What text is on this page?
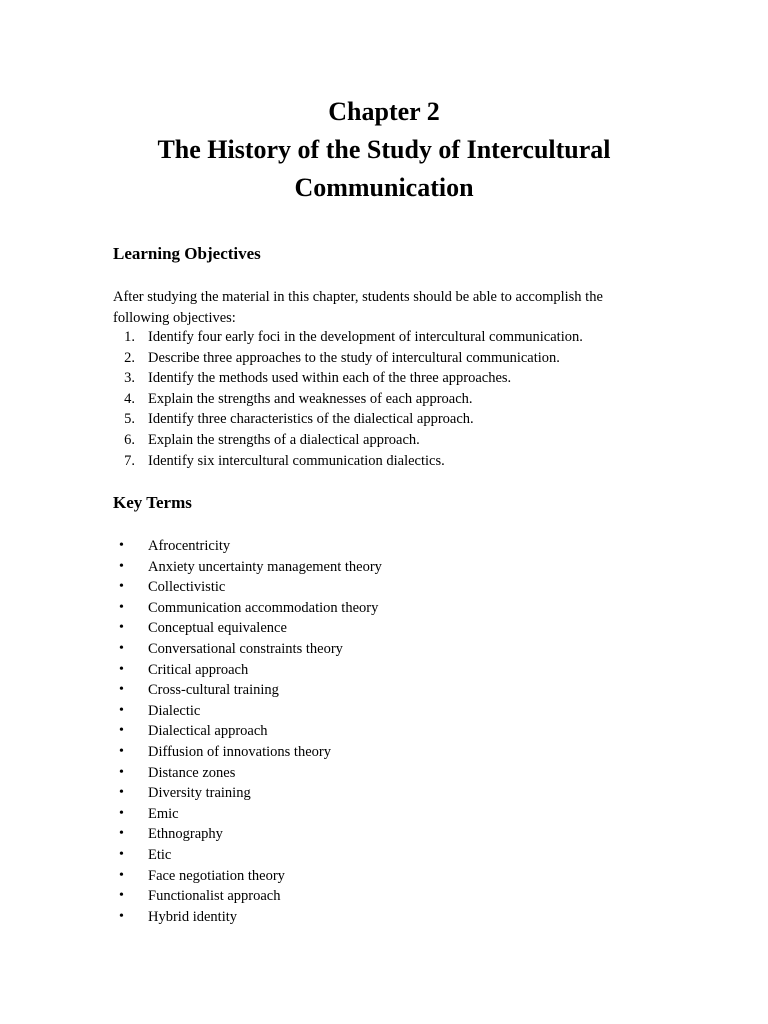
Chapter 2
The History of the Study of Intercultural
Communication
Learning Objectives
After studying the material in this chapter, students should be able to accomplish the following objectives:
1. Identify four early foci in the development of intercultural communication.
2. Describe three approaches to the study of intercultural communication.
3. Identify the methods used within each of the three approaches.
4. Explain the strengths and weaknesses of each approach.
5. Identify three characteristics of the dialectical approach.
6. Explain the strengths of a dialectical approach.
7. Identify six intercultural communication dialectics.
Key Terms
• Afrocentricity
• Anxiety uncertainty management theory
• Collectivistic
• Communication accommodation theory
• Conceptual equivalence
• Conversational constraints theory
• Critical approach
• Cross-cultural training
• Dialectic
• Dialectical approach
• Diffusion of innovations theory
• Distance zones
• Diversity training
• Emic
• Ethnography
• Etic
• Face negotiation theory
• Functionalist approach
• Hybrid identity
